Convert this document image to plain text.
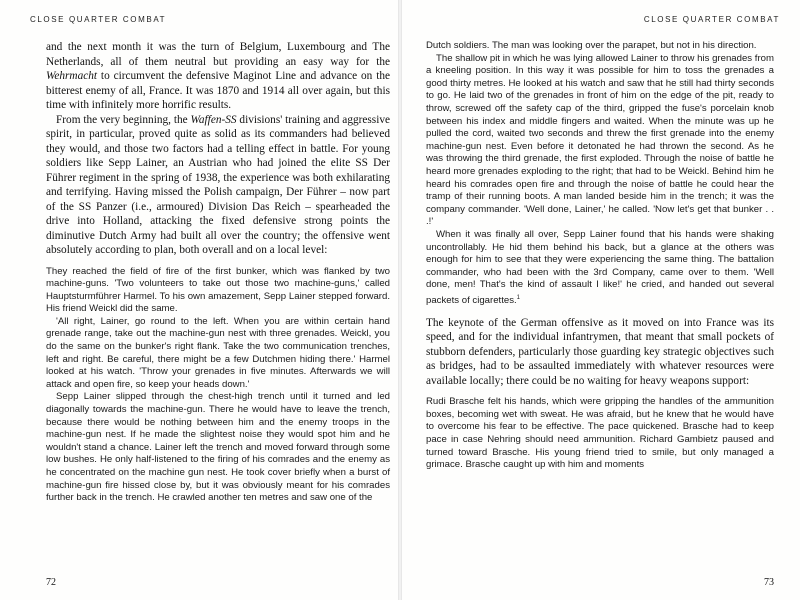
CLOSE QUARTER COMBAT

and the next month it was the turn of Belgium, Luxembourg and The Netherlands, all of them neutral but providing an easy way for the Wehrmacht to circumvent the defensive Maginot Line and advance on the bitterest enemy of all, France. It was 1870 and 1914 all over again, but this time with infinitely more horrific results.

From the very beginning, the Waffen-SS divisions' training and aggressive spirit, in particular, proved quite as solid as its commanders had believed they would, and those two factors had a telling effect in battle. For young soldiers like Sepp Lainer, an Austrian who had joined the elite SS Der Führer regiment in the spring of 1938, the experience was both exhilarating and terrifying. Having missed the Polish campaign, Der Führer – now part of the SS Panzer (i.e., armoured) Division Das Reich – spearheaded the drive into Holland, attacking the fixed defensive strong points the diminutive Dutch Army had built all over the country; the offensive went absolutely according to plan, both overall and on a local level:

They reached the field of fire of the first bunker, which was flanked by two machine-guns. 'Two volunteers to take out those two machine-guns,' called Hauptsturmführer Harmel. To his own amazement, Sepp Lainer stepped forward. His friend Weickl did the same.

'All right, Lainer, go round to the left. When you are within certain hand grenade range, take out the machine-gun nest with three grenades. Weickl, you do the same on the bunker's right flank. Take the two communication trenches, left and right. Be careful, there might be a few Dutchmen hiding there.' Harmel looked at his watch. 'Throw your grenades in five minutes. Afterwards we will attack and open fire, so keep your heads down.'

Sepp Lainer slipped through the chest-high trench until it turned and led diagonally towards the machine-gun. There he would have to leave the trench, because there would be nothing between him and the enemy troops in the machine-gun nest. If he made the slightest noise they would spot him and he wouldn't stand a chance. Lainer left the trench and moved forward through some low bushes. He only half-listened to the firing of his comrades and the enemy as he concentrated on the machine gun nest. He took cover briefly when a burst of machine-gun fire hissed close by, but it was obviously meant for his comrades further back in the trench. He crawled another ten metres and saw one of the

72
CLOSE QUARTER COMBAT

Dutch soldiers. The man was looking over the parapet, but not in his direction.

The shallow pit in which he was lying allowed Lainer to throw his grenades from a kneeling position. In this way it was possible for him to toss the grenades a good thirty metres. He looked at his watch and saw that he still had thirty seconds to go. He laid two of the grenades in front of him on the edge of the pit, ready to throw, screwed off the safety cap of the third, gripped the fuse's porcelain knob between his index and middle fingers and waited. When the minute was up he pulled the cord, waited two seconds and threw the first grenade into the enemy machine-gun nest. Even before it detonated he had thrown the second. As he was throwing the third grenade, the first exploded. Through the noise of battle he heard more grenades exploding to the right; that had to be Weickl. Behind him he heard his comrades open fire and through the noise of battle he could hear the tramp of their running boots. A man landed beside him in the trench; it was the company commander. 'Well done, Lainer,' he called. 'Now let's get that bunker . . .!'

When it was finally all over, Sepp Lainer found that his hands were shaking uncontrollably. He hid them behind his back, but a glance at the others was enough for him to see that they were experiencing the same thing. The battalion commander, who had been with the 3rd Company, came over to them. 'Well done, men! That's the kind of assault I like!' he cried, and handed out several packets of cigarettes.$^1$

The keynote of the German offensive as it moved on into France was its speed, and for the individual infantrymen, that meant that small pockets of stubborn defenders, particularly those guarding key strategic objectives such as bridges, had to be assaulted immediately with whatever resources were available locally; there could be no waiting for heavy weapons support:

Rudi Brasche felt his hands, which were gripping the handles of the ammunition boxes, becoming wet with sweat. He was afraid, but he knew that he would have to overcome his fear to be effective. The pace quickened. Brasche had to keep pace in case Nehring should need ammunition. Richard Gambietz paused and turned toward Brasche. His young friend tried to smile, but only managed a grimace. Brasche caught up with him and moments

73
